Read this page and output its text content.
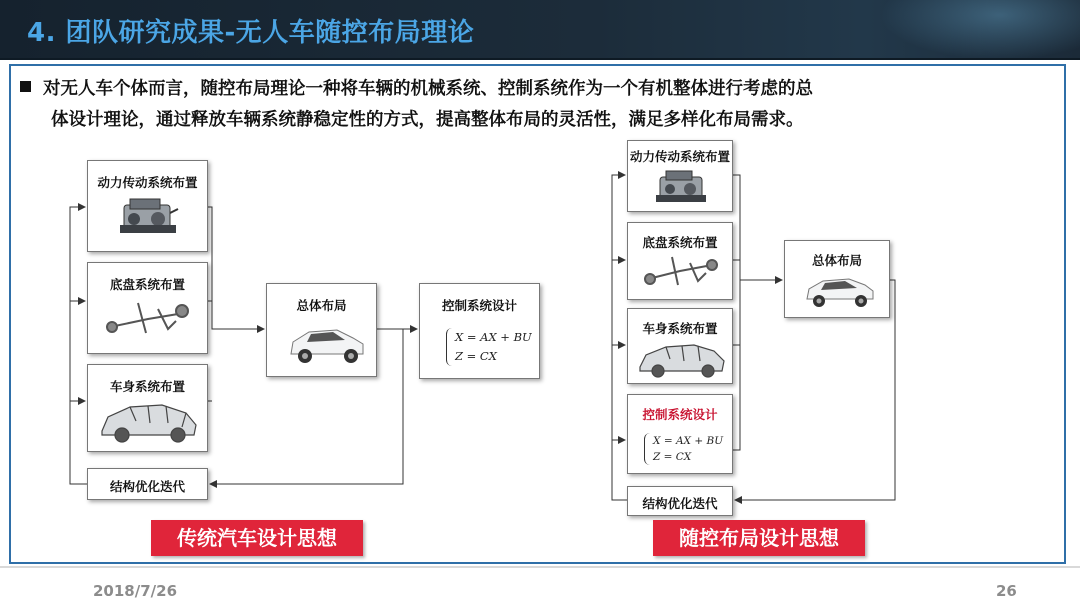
4. 团队研究成果-无人车随控布局理论
对无人车个体而言，随控布局理论一种将车辆的机械系统、控制系统作为一个有机整体进行考虑的总
体设计理论，通过释放车辆系统静稳定性的方式，提高整体布局的灵活性，满足多样化布局需求。
动力传动系统布置
底盘系统布置
车身系统布置
结构优化迭代
总体布局	控制系统设计
X = AX + BU
Z = CX
传统汽车设计思想
动力传动系统布置
底盘系统布置
车身系统布置
控制系统设计
X = AX + BU
Z = CX
结构优化迭代
总体布局
随控布局设计思想
2018/7/26	26
